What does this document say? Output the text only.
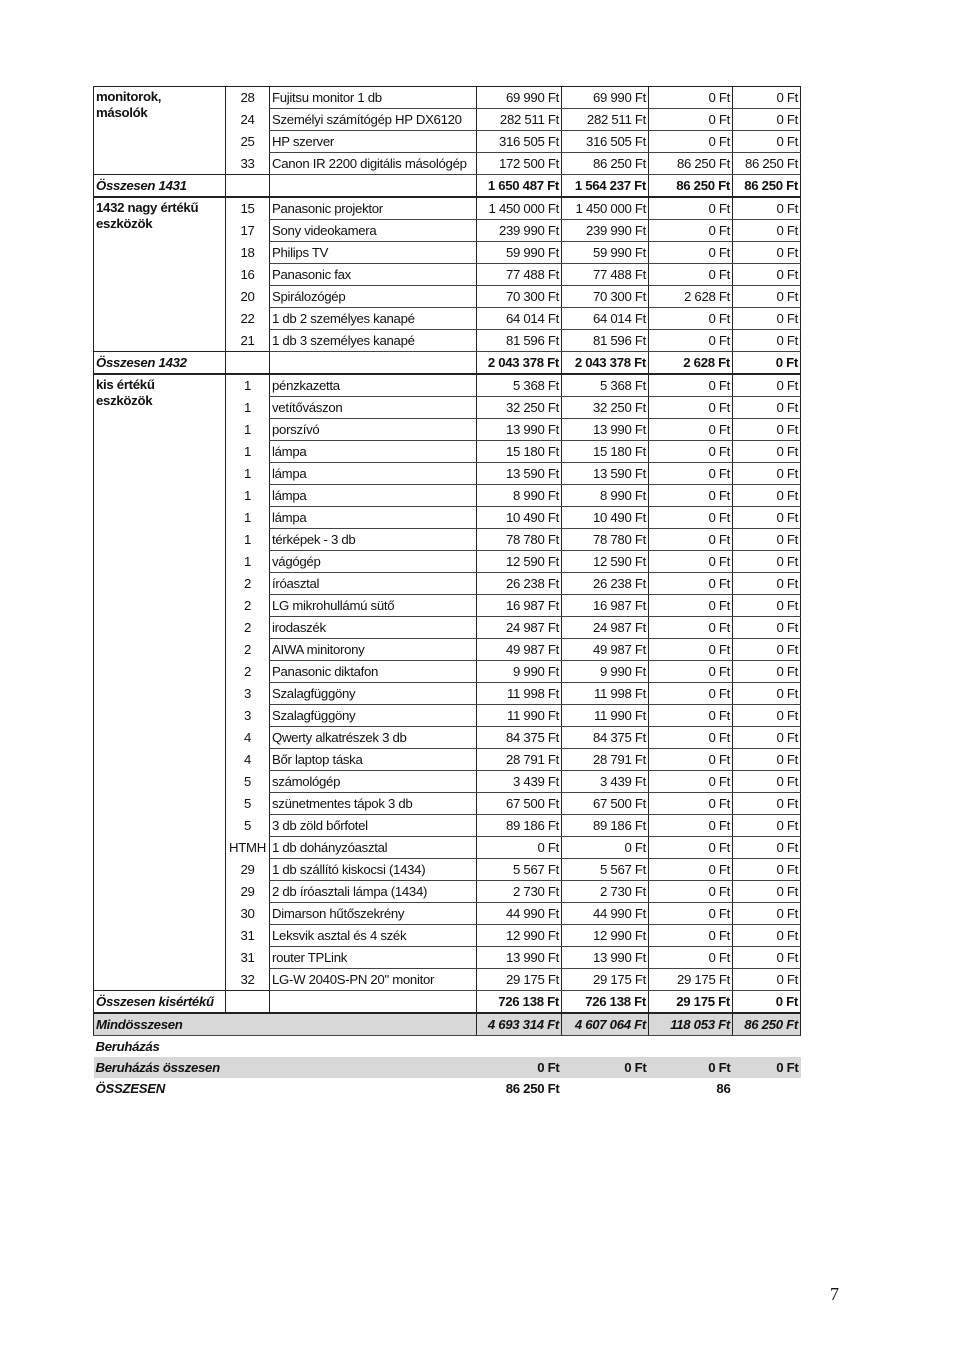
monitorok,
másolók	28	Fujitsu monitor 1 db	69 990 Ft	69 990 Ft	0 Ft	0 Ft
	24	Személyi számítógép HP DX6120	282 511 Ft	282 511 Ft	0 Ft	0 Ft
	25	HP szerver	316 505 Ft	316 505 Ft	0 Ft	0 Ft
	33	Canon IR 2200 digitális másológép	172 500 Ft	86 250 Ft	86 250 Ft	86 250 Ft
Összesen 1431			1 650 487 Ft	1 564 237 Ft	86 250 Ft	86 250 Ft

1432 nagy értékű
eszközök	15	Panasonic projektor	1 450 000 Ft	1 450 000 Ft	0 Ft	0 Ft
	17	Sony videokamera	239 990 Ft	239 990 Ft	0 Ft	0 Ft
	18	Philips TV	59 990 Ft	59 990 Ft	0 Ft	0 Ft
	16	Panasonic fax	77 488 Ft	77 488 Ft	0 Ft	0 Ft
	20	Spirálozógép	70 300 Ft	70 300 Ft	2 628 Ft	0 Ft
	22	1 db 2 személyes kanapé	64 014 Ft	64 014 Ft	0 Ft	0 Ft
	21	1 db 3 személyes kanapé	81 596 Ft	81 596 Ft	0 Ft	0 Ft
Összesen 1432			2 043 378 Ft	2 043 378 Ft	2 628 Ft	0 Ft

kis értékű
eszközök	1	pénzkazetta	5 368 Ft	5 368 Ft	0 Ft	0 Ft
	1	vetítővászon	32 250 Ft	32 250 Ft	0 Ft	0 Ft
	1	porszívó	13 990 Ft	13 990 Ft	0 Ft	0 Ft
	1	lámpa	15 180 Ft	15 180 Ft	0 Ft	0 Ft
	1	lámpa	13 590 Ft	13 590 Ft	0 Ft	0 Ft
	1	lámpa	8 990 Ft	8 990 Ft	0 Ft	0 Ft
	1	lámpa	10 490 Ft	10 490 Ft	0 Ft	0 Ft
	1	térképek - 3 db	78 780 Ft	78 780 Ft	0 Ft	0 Ft
	1	vágógép	12 590 Ft	12 590 Ft	0 Ft	0 Ft
	2	íróasztal	26 238 Ft	26 238 Ft	0 Ft	0 Ft
	2	LG mikrohullámú sütő	16 987 Ft	16 987 Ft	0 Ft	0 Ft
	2	irodaszék	24 987 Ft	24 987 Ft	0 Ft	0 Ft
	2	AIWA minitorony	49 987 Ft	49 987 Ft	0 Ft	0 Ft
	2	Panasonic diktafon	9 990 Ft	9 990 Ft	0 Ft	0 Ft
	3	Szalagfüggöny	11 998 Ft	11 998 Ft	0 Ft	0 Ft
	3	Szalagfüggöny	11 990 Ft	11 990 Ft	0 Ft	0 Ft
	4	Qwerty alkatrészek 3 db	84 375 Ft	84 375 Ft	0 Ft	0 Ft
	4	Bőr laptop táska	28 791 Ft	28 791 Ft	0 Ft	0 Ft
	5	számológép	3 439 Ft	3 439 Ft	0 Ft	0 Ft
	5	szünetmentes tápok 3 db	67 500 Ft	67 500 Ft	0 Ft	0 Ft
	5	3 db zöld bőrfotel	89 186 Ft	89 186 Ft	0 Ft	0 Ft
	HTMH	1 db dohányzóasztal	0 Ft	0 Ft	0 Ft	0 Ft
	29	1 db szállító kiskocsi (1434)	5 567 Ft	5 567 Ft	0 Ft	0 Ft
	29	2 db íróasztali lámpa (1434)	2 730 Ft	2 730 Ft	0 Ft	0 Ft
	30	Dimarson hűtőszekrény	44 990 Ft	44 990 Ft	0 Ft	0 Ft
	31	Leksvik asztal és 4 szék	12 990 Ft	12 990 Ft	0 Ft	0 Ft
	31	router TPLink	13 990 Ft	13 990 Ft	0 Ft	0 Ft
	32	LG-W 2040S-PN 20" monitor	29 175 Ft	29 175 Ft	29 175 Ft	0 Ft
Összesen kisértékű			726 138 Ft	726 138 Ft	29 175 Ft	0 Ft
Mindösszesen			4 693 314 Ft	4 607 064 Ft	118 053 Ft	86 250 Ft
Beruházás						
Beruházás összesen			0 Ft	0 Ft	0 Ft	0 Ft
ÖSSZESEN			86 250 Ft		86	
7
